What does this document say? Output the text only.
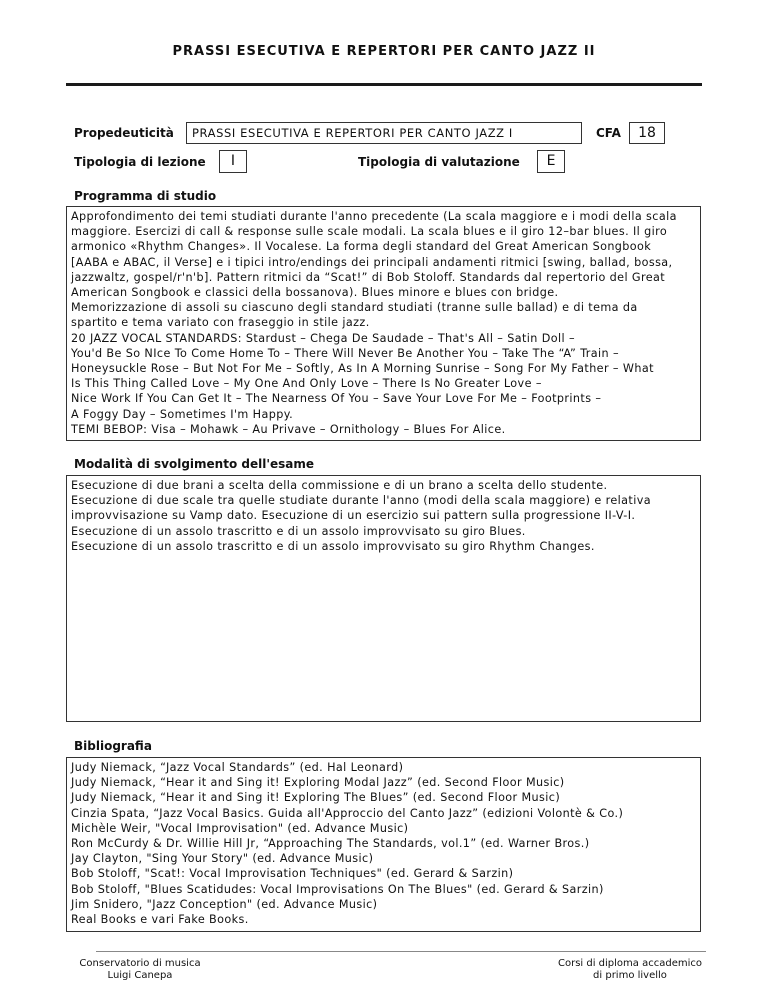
PRASSI ESECUTIVA E REPERTORI PER CANTO JAZZ II
Propedeuticità PRASSI ESECUTIVA E REPERTORI PER CANTO JAZZ I	CFA	18
Tipologia di lezione	I	Tipologia di valutazione	E
Programma di studio
Approfondimento dei temi studiati durante l'anno precedente (La scala maggiore e i modi della scala
maggiore. Esercizi di call & response sulle scale modali. La scala blues e il giro 12–bar blues. Il giro
armonico «Rhythm Changes». Il Vocalese. La forma degli standard del Great American Songbook
[AABA e ABAC, il Verse] e i tipici intro/endings dei principali andamenti ritmici [swing, ballad, bossa,
jazzwaltz, gospel/r'n'b]. Pattern ritmici da “Scat!” di Bob Stoloff. Standards dal repertorio del Great
American Songbook e classici della bossanova). Blues minore e blues con bridge.
Memorizzazione di assoli su ciascuno degli standard studiati (tranne sulle ballad) e di tema da
spartito e tema variato con fraseggio in stile jazz.
20 JAZZ VOCAL STANDARDS: Stardust – Chega De Saudade – That's All – Satin Doll –
You'd Be So NIce To Come Home To – There Will Never Be Another You – Take The “A” Train –
Honeysuckle Rose – But Not For Me – Softly, As In A Morning Sunrise – Song For My Father – What
Is This Thing Called Love – My One And Only Love – There Is No Greater Love –
Nice Work If You Can Get It – The Nearness Of You – Save Your Love For Me – Footprints –
A Foggy Day – Sometimes I'm Happy.
TEMI BEBOP: Visa – Mohawk – Au Privave – Ornithology – Blues For Alice.
Modalità di svolgimento dell'esame
Esecuzione di due brani a scelta della commissione e di un brano a scelta dello studente.
Esecuzione di due scale tra quelle studiate durante l'anno (modi della scala maggiore) e relativa
improvvisazione su Vamp dato. Esecuzione di un esercizio sui pattern sulla progressione II-V-I.
Esecuzione di un assolo trascritto e di un assolo improvvisato su giro Blues.
Esecuzione di un assolo trascritto e di un assolo improvvisato su giro Rhythm Changes.
Bibliografia
Judy Niemack, “Jazz Vocal Standards” (ed. Hal Leonard)
Judy Niemack, “Hear it and Sing it! Exploring Modal Jazz” (ed. Second Floor Music)
Judy Niemack, “Hear it and Sing it! Exploring The Blues” (ed. Second Floor Music)
Cinzia Spata, “Jazz Vocal Basics. Guida all'Approccio del Canto Jazz” (edizioni Volontè & Co.)
Michèle Weir, "Vocal Improvisation" (ed. Advance Music)
Ron McCurdy & Dr. Willie Hill Jr, “Approaching The Standards, vol.1” (ed. Warner Bros.)
Jay Clayton, "Sing Your Story" (ed. Advance Music)
Bob Stoloff, "Scat!: Vocal Improvisation Techniques" (ed. Gerard & Sarzin)
Bob Stoloff, "Blues Scatidudes: Vocal Improvisations On The Blues" (ed. Gerard & Sarzin)
Jim Snidero, "Jazz Conception" (ed. Advance Music)
Real Books e vari Fake Books.
Conservatorio di musica
Luigi Canepa
Corsi di diploma accademico
di primo livello
